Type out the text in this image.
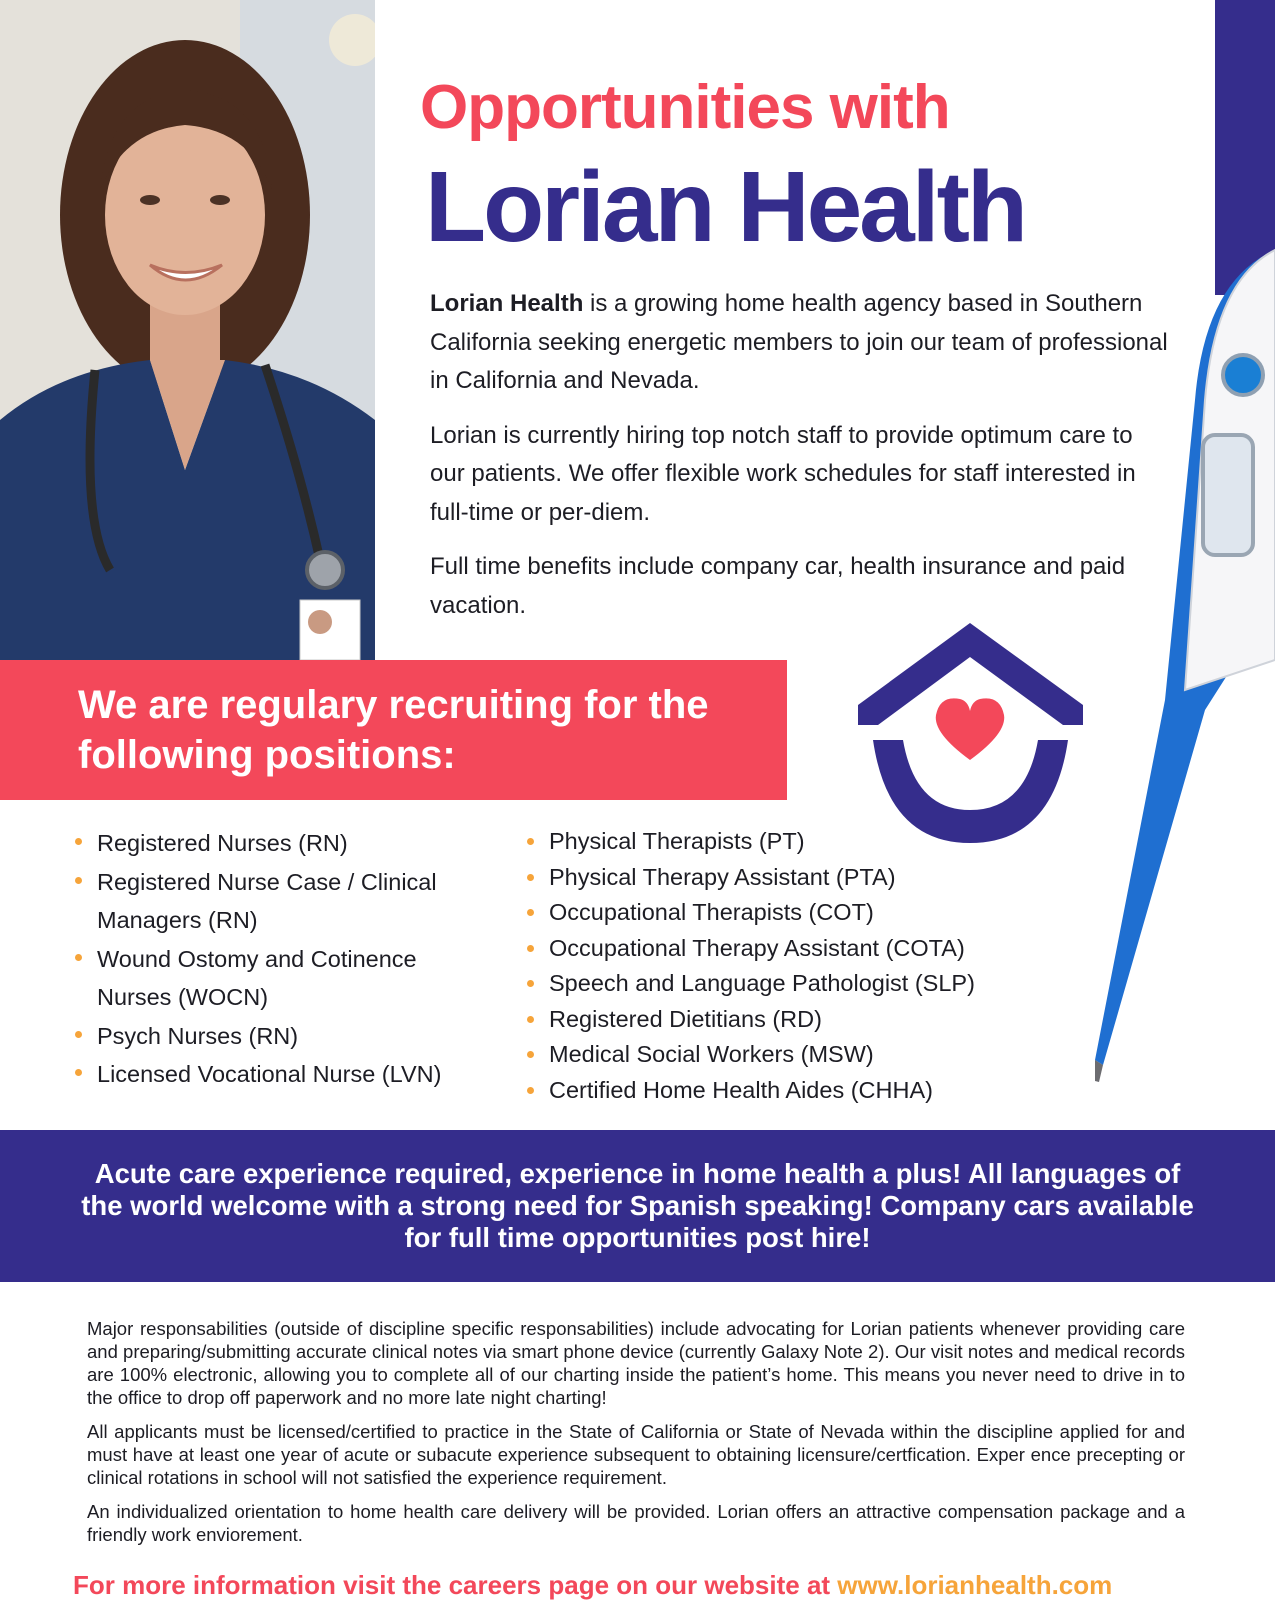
Opportunities with
Lorian Health

Lorian Health is a growing home health agency based in Southern California seeking energetic members to join our team of professional in California and Nevada.

Lorian is currently hiring top notch staff to provide optimum care to our patients. We offer flexible work schedules for staff interested in full-time or per-diem.

Full time benefits include company car, health insurance and paid vacation.

We are regulary recruiting for the following positions:

Registered Nurses (RN)
Registered Nurse Case / Clinical Managers (RN)
Wound Ostomy and Cotinence Nurses (WOCN)
Psych Nurses (RN)
Licensed Vocational Nurse (LVN)
Physical Therapists (PT)
Physical Therapy Assistant (PTA)
Occupational Therapists (COT)
Occupational Therapy Assistant (COTA)
Speech and Language Pathologist (SLP)
Registered Dietitians (RD)
Medical Social Workers (MSW)
Certified Home Health Aides (CHHA)

Acute care experience required, experience in home health a plus! All languages of the world welcome with a strong need for Spanish speaking! Company cars available for full time opportunities post hire!

Major responsabilities (outside of discipline specific responsabilities) include advocating for Lorian patients whenever providing care and preparing/submitting accurate clinical notes via smart phone device (currently Galaxy Note 2). Our visit notes and medical records are 100% electronic, allowing you to complete all of our charting inside the patient’s home. This means you never need to drive in to the office to drop off paperwork and no more late night charting!

All applicants must be licensed/certified to practice in the State of California or State of Nevada within the discipline applied for and must have at least one year of acute or subacute experience subsequent to obtaining licensure/certfication. Exper ence precepting or clinical rotations in school will not satisfied the experience requirement.

An individualized orientation to home health care delivery will be provided. Lorian offers an attractive compensation package and a friendly work enviorement.

For more information visit the careers page on our website at www.lorianhealth.com
